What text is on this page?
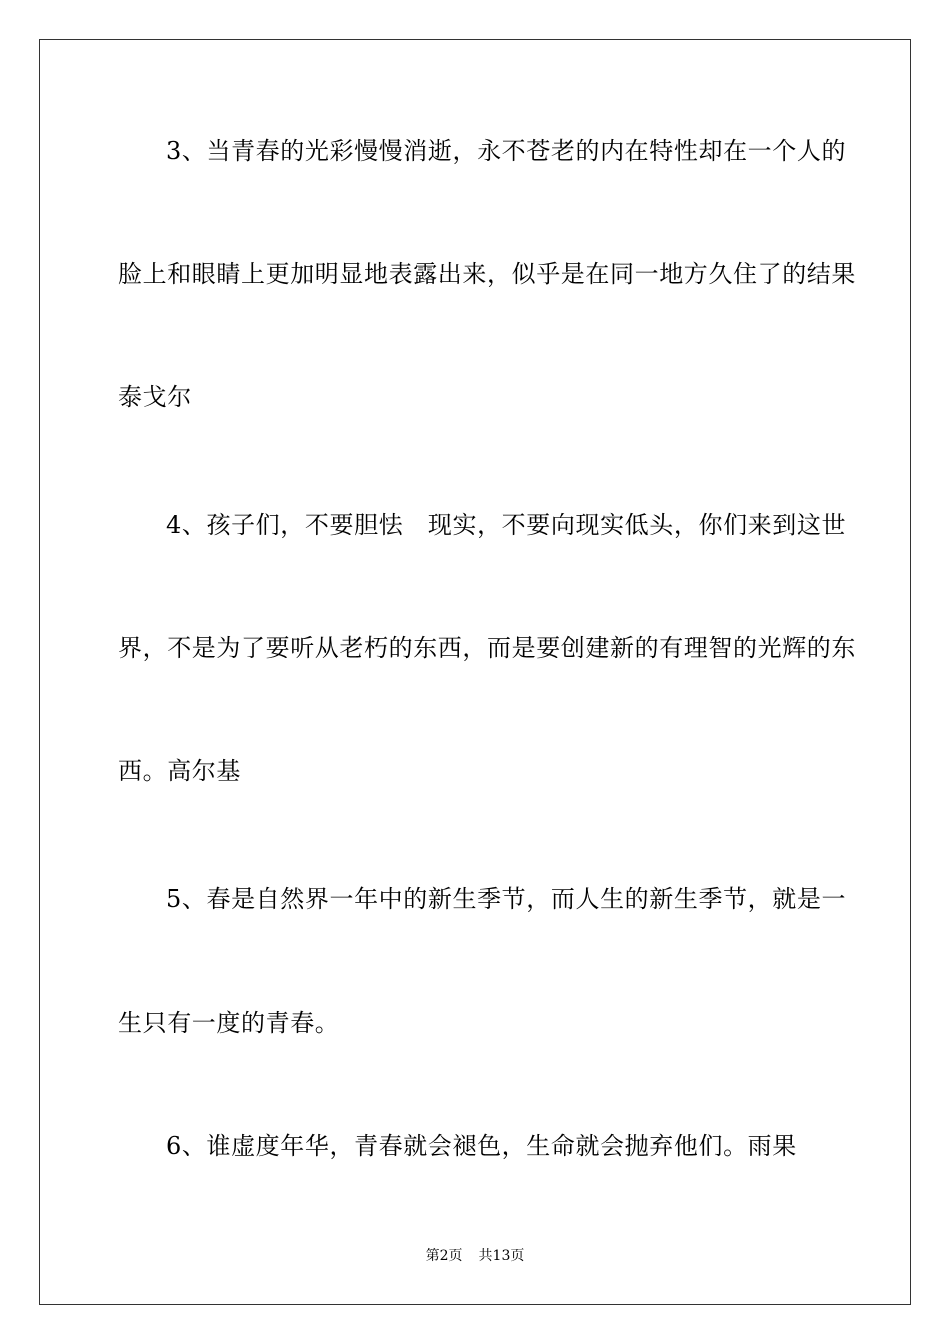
3、当青春的光彩慢慢消逝，永不苍老的内在特性却在一个人的
脸上和眼睛上更加明显地表露出来，似乎是在同一地方久住了的结果
泰戈尔
4、孩子们，不要胆怯　现实，不要向现实低头，你们来到这世
界，不是为了要听从老朽的东西，而是要创建新的有理智的光辉的东
西。高尔基
5、春是自然界一年中的新生季节，而人生的新生季节，就是一
生只有一度的青春。
6、谁虚度年华，青春就会褪色，生命就会抛弃他们。雨果
第2页 共13页
